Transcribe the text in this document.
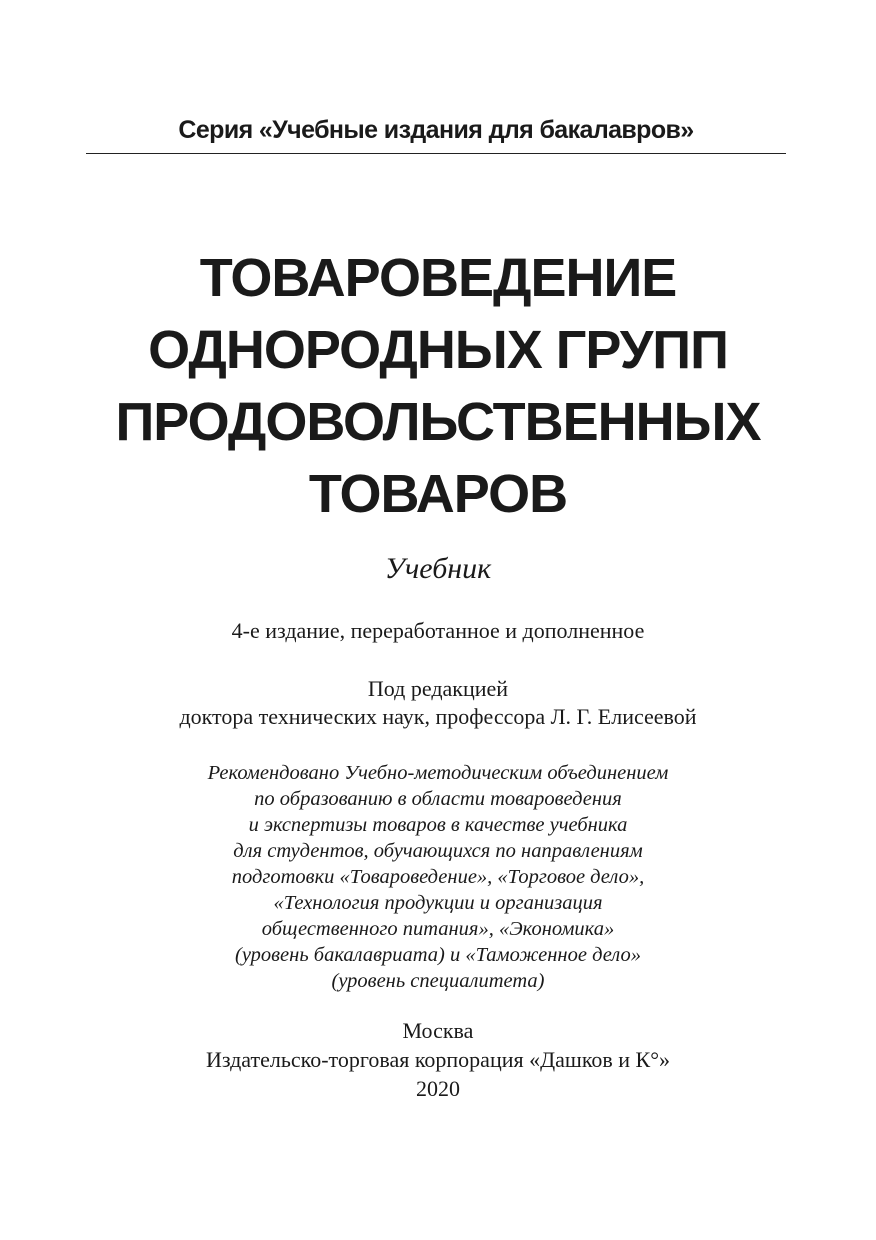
Серия «Учебные издания для бакалавров»
ТОВАРОВЕДЕНИЕ
ОДНОРОДНЫХ ГРУПП
ПРОДОВОЛЬСТВЕННЫХ
ТОВАРОВ
Учебник
4-е издание, переработанное и дополненное
Под редакцией
доктора технических наук, профессора Л. Г. Елисеевой
Рекомендовано Учебно-методическим объединением
по образованию в области товароведения
и экспертизы товаров в качестве учебника
для студентов, обучающихся по направлениям
подготовки «Товароведение», «Торговое дело»,
«Технология продукции и организация
общественного питания», «Экономика»
(уровень бакалавриата) и «Таможенное дело»
(уровень специалитета)
Москва
Издательско-торговая корпорация «Дашков и К°»
2020
